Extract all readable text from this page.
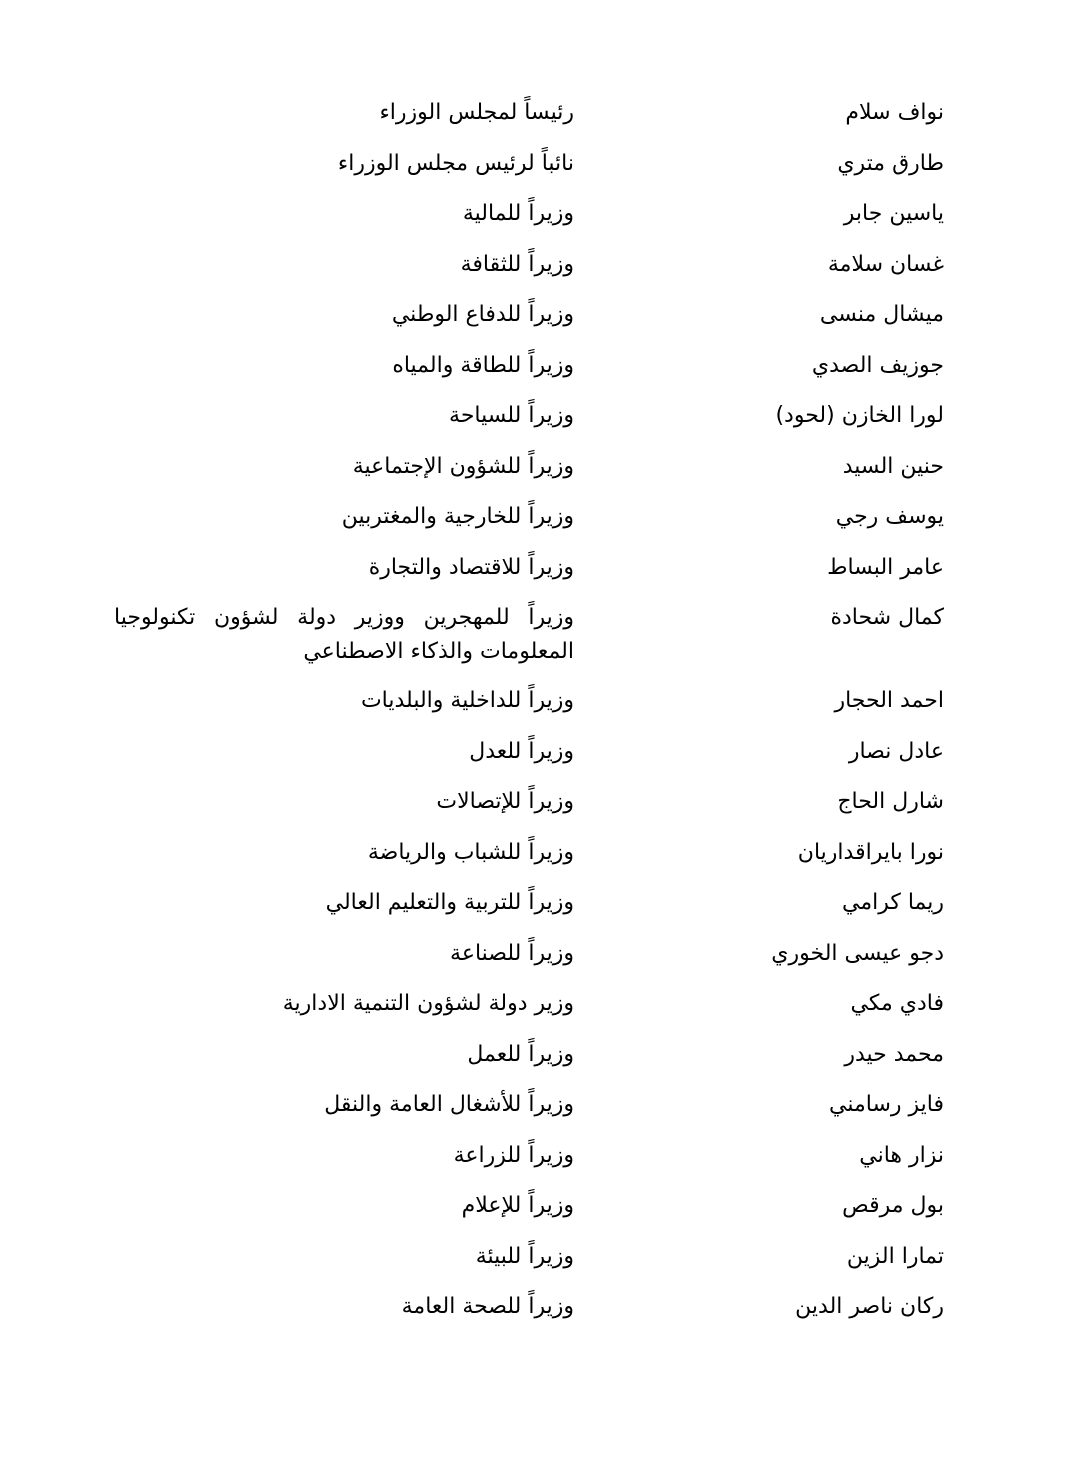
نواف سلام
رئيساً لمجلس الوزراء
طارق متري
نائباً لرئيس مجلس الوزراء
ياسين جابر
وزيراً للمالية
غسان سلامة
وزيراً للثقافة
ميشال منسى
وزيراً للدفاع الوطني
جوزيف الصدي
وزيراً للطاقة والمياه
لورا الخازن (لحود)
وزيراً للسياحة
حنين السيد
وزيراً للشؤون الإجتماعية
يوسف رجي
وزيراً للخارجية والمغتربين
عامر البساط
وزيراً للاقتصاد والتجارة
كمال شحادة
وزيراً للمهجرين ووزير دولة لشؤون تكنولوجيا المعلومات والذكاء الاصطناعي
احمد الحجار
وزيراً للداخلية والبلديات
عادل نصار
وزيراً للعدل
شارل الحاج
وزيراً للإتصالات
نورا بايراقداريان
وزيراً للشباب والرياضة
ريما كرامي
وزيراً للتربية والتعليم العالي
دجو عيسى الخوري
وزيراً للصناعة
فادي مكي
وزير دولة لشؤون التنمية الادارية
محمد حيدر
وزيراً للعمل
فايز رسامني
وزيراً للأشغال العامة والنقل
نزار هاني
وزيراً للزراعة
بول مرقص
وزيراً للإعلام
تمارا الزين
وزيراً للبيئة
ركان ناصر الدين
وزيراً للصحة العامة
